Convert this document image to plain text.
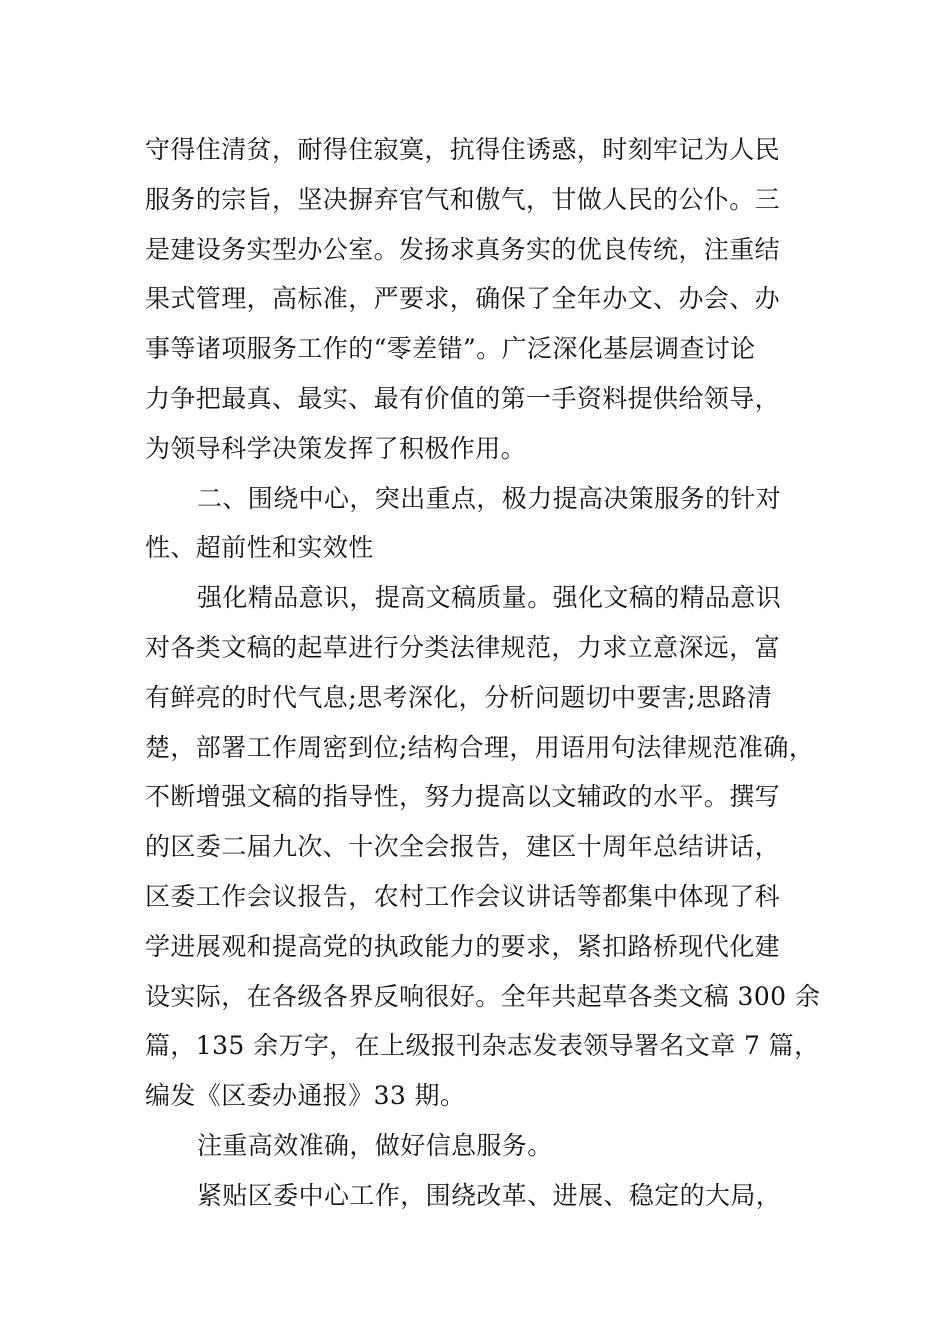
守得住清贫，耐得住寂寞，抗得住诱惑，时刻牢记为人民
服务的宗旨，坚决摒弃官气和傲气，甘做人民的公仆。三
是建设务实型办公室。发扬求真务实的优良传统，注重结
果式管理，高标准，严要求，确保了全年办文、办会、办
事等诸项服务工作的“零差错”。广泛深化基层调查讨论
力争把最真、最实、最有价值的第一手资料提供给领导，
为领导科学决策发挥了积极作用。
二、围绕中心，突出重点，极力提高决策服务的针对
性、超前性和实效性
强化精品意识，提高文稿质量。强化文稿的精品意识
对各类文稿的起草进行分类法律规范，力求立意深远，富
有鲜亮的时代气息;思考深化，分析问题切中要害;思路清
楚，部署工作周密到位;结构合理，用语用句法律规范准确，
不断增强文稿的指导性，努力提高以文辅政的水平。撰写
的区委二届九次、十次全会报告，建区十周年总结讲话，
区委工作会议报告，农村工作会议讲话等都集中体现了科
学进展观和提高党的执政能力的要求，紧扣路桥现代化建
设实际，在各级各界反响很好。全年共起草各类文稿 300 余
篇，135 余万字，在上级报刊杂志发表领导署名文章 7 篇，
编发《区委办通报》33 期。
注重高效准确，做好信息服务。
紧贴区委中心工作，围绕改革、进展、稳定的大局，
